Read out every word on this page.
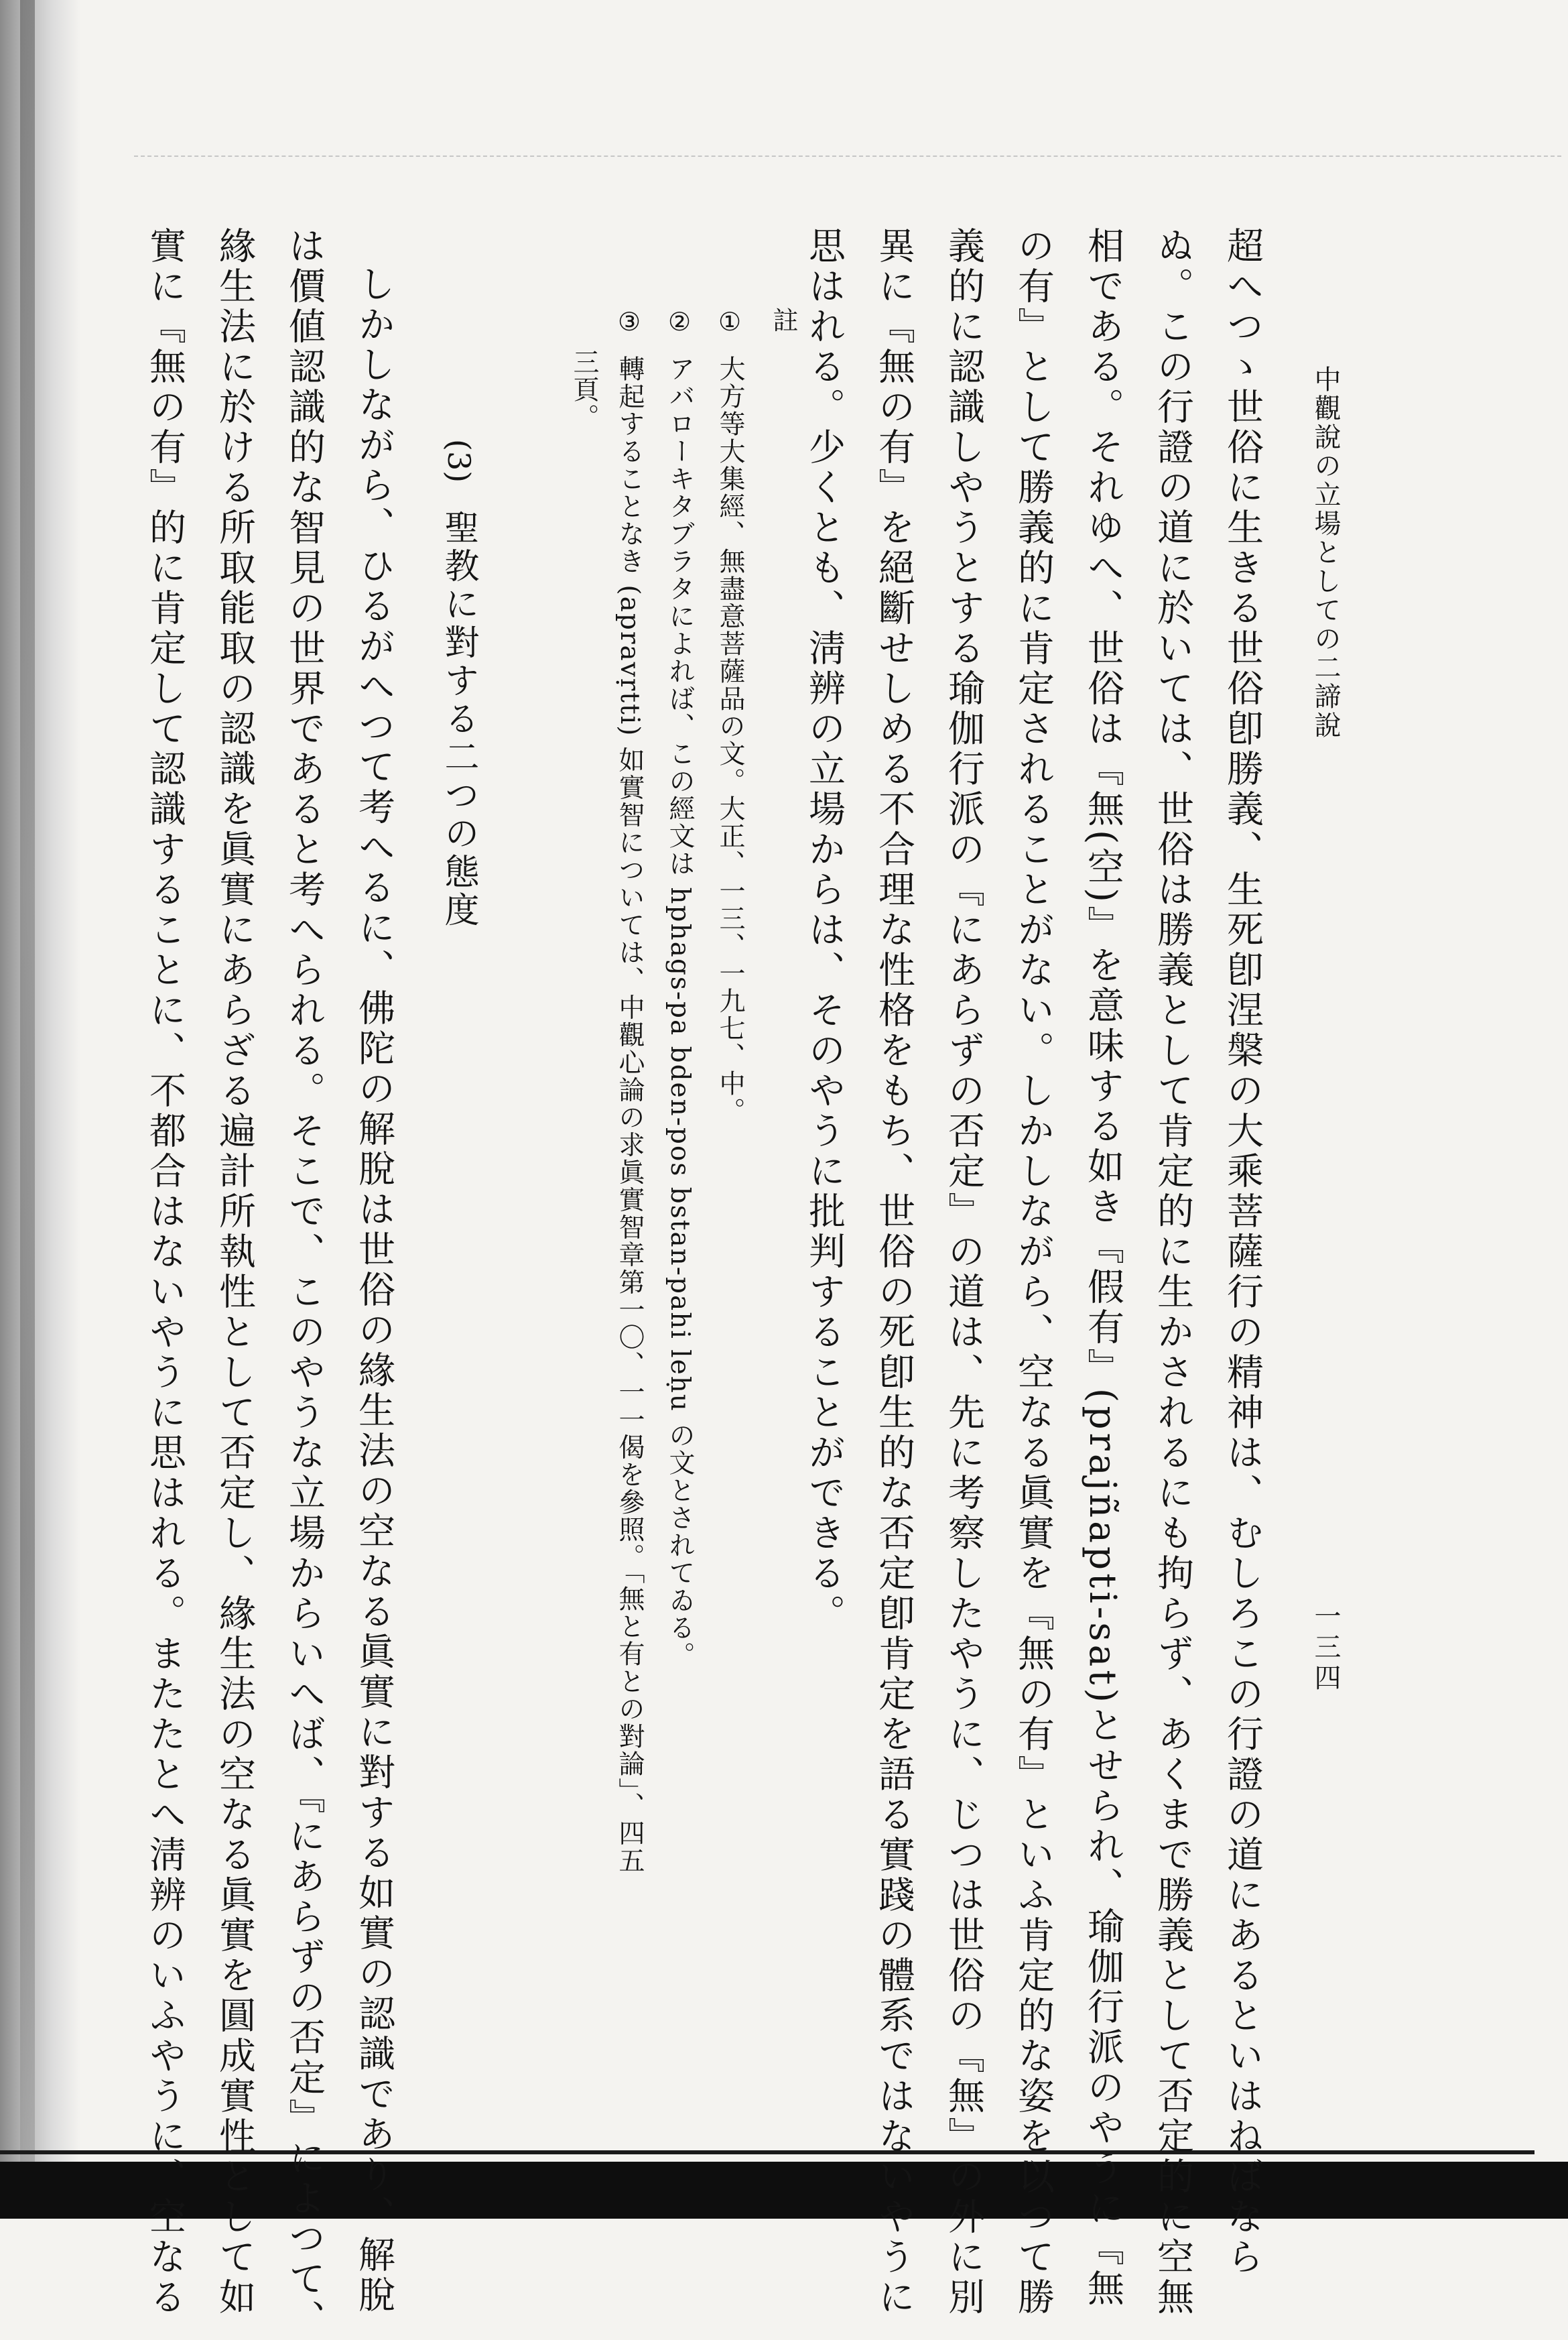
中觀說の立場としての二諦說
一三四
超へつゝ世俗に生きる世俗卽勝義、生死卽涅槃の大乘菩薩行の精神は、むしろこの行證の道にあるといはねばなら
ぬ。この行證の道に於いては、世俗は勝義として肯定的に生かされるにも拘らず、あくまで勝義として否定的に空無
相である。それゆへ、世俗は『無(空)』を意味する如き『假有』(prajñapti-sat)とせられ、瑜伽行派のやうに『無
の有』として勝義的に肯定されることがない。しかしながら、空なる眞實を『無の有』といふ肯定的な姿を以つて勝
義的に認識しやうとする瑜伽行派の『にあらずの否定』の道は、先に考察したやうに、じつは世俗の『無』の外に別
異に『無の有』を絕斷せしめる不合理な性格をもち、世俗の死卽生的な否定卽肯定を語る實踐の體系ではないやうに
思はれる。少くとも、淸辨の立場からは、そのやうに批判することができる。
註
①大方等大集經、無盡意菩薩品の文。大正、一三、一九七、中。
②アバローキタブラタによれば、この經文は hphags-pa bden-pos bstan-pahi leḥu の文とされてゐる。
③轉起することなき (apravṛtti) 如實智については、中觀心論の求眞實智章第一〇、一一偈を參照。「無と有との對論」、四五
三頁。
(3)
聖教に對する二つの態度
しかしながら、ひるがへつて考へるに、佛陀の解脫は世俗の緣生法の空なる眞實に對する如實の認識であり、解脫
は價値認識的な智見の世界であると考へられる。そこで、このやうな立場からいへば、『にあらずの否定』によつて、
緣生法に於ける所取能取の認識を眞實にあらざる遍計所執性として否定し、緣生法の空なる眞實を圓成實性として如
實に『無の有』的に肯定して認識することに、不都合はないやうに思はれる。またたとへ淸辨のいふやうに、空なる
